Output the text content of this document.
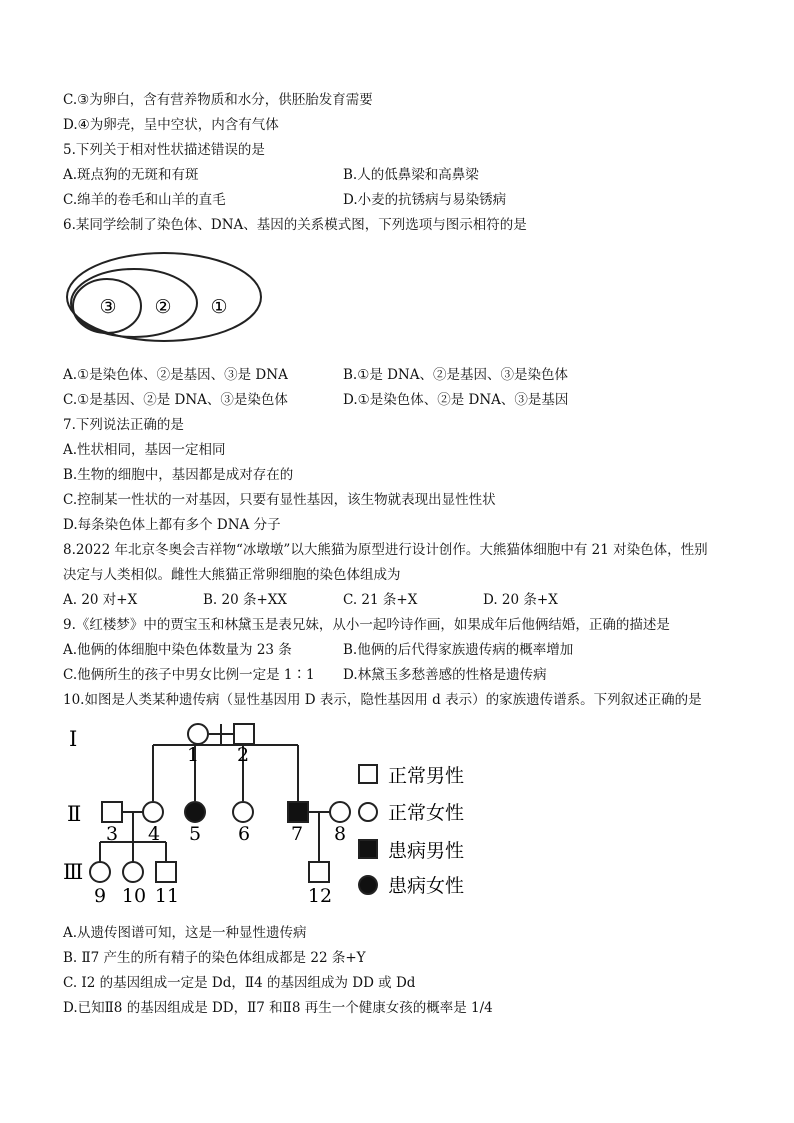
C.③为卵白，含有营养物质和水分，供胚胎发育需要
D.④为卵壳，呈中空状，内含有气体
5.下列关于相对性状描述错误的是
A.斑点狗的无斑和有斑	B.人的低鼻梁和高鼻梁
C.绵羊的卷毛和山羊的直毛	D.小麦的抗锈病与易染锈病
6.某同学绘制了染色体、DNA、基因的关系模式图，下列选项与图示相符的是
③ ② ①
A.①是染色体、②是基因、③是 DNA	B.①是 DNA、②是基因、③是染色体
C.①是基因、②是 DNA、③是染色体	D.①是染色体、②是 DNA、③是基因
7.下列说法正确的是
A.性状相同，基因一定相同
B.生物的细胞中，基因都是成对存在的
C.控制某一性状的一对基因，只要有显性基因，该生物就表现出显性性状
D.每条染色体上都有多个 DNA 分子
8.2022 年北京冬奥会吉祥物“冰墩墩”以大熊猫为原型进行设计创作。大熊猫体细胞中有 21 对染色体，性别
决定与人类相似。雌性大熊猫正常卵细胞的染色体组成为
A. 20 对+X	B. 20 条+XX	C. 21 条+X	D. 20 条+X
9.《红楼梦》中的贾宝玉和林黛玉是表兄妹，从小一起吟诗作画，如果成年后他俩结婚，正确的描述是
A.他俩的体细胞中染色体数量为 23 条	B.他俩的后代得家族遗传病的概率增加
C.他俩所生的孩子中男女比例一定是 1∶1 D.林黛玉多愁善感的性格是遗传病
10.如图是人类某种遗传病（显性基因用 D 表示，隐性基因用 d 表示）的家族遗传谱系。下列叙述正确的是
Ⅰ
Ⅱ
Ⅲ
1 2
3 4 5 6 7 8
9 10 11	12
正常男性
正常女性
患病男性
患病女性
A.从遗传图谱可知，这是一种显性遗传病
B. Ⅱ7 产生的所有精子的染色体组成都是 22 条+Y
C. Ⅰ2 的基因组成一定是 Dd，Ⅱ4 的基因组成为 DD 或 Dd
D.已知Ⅱ8 的基因组成是 DD，Ⅱ7 和Ⅱ8 再生一个健康女孩的概率是 1/4
